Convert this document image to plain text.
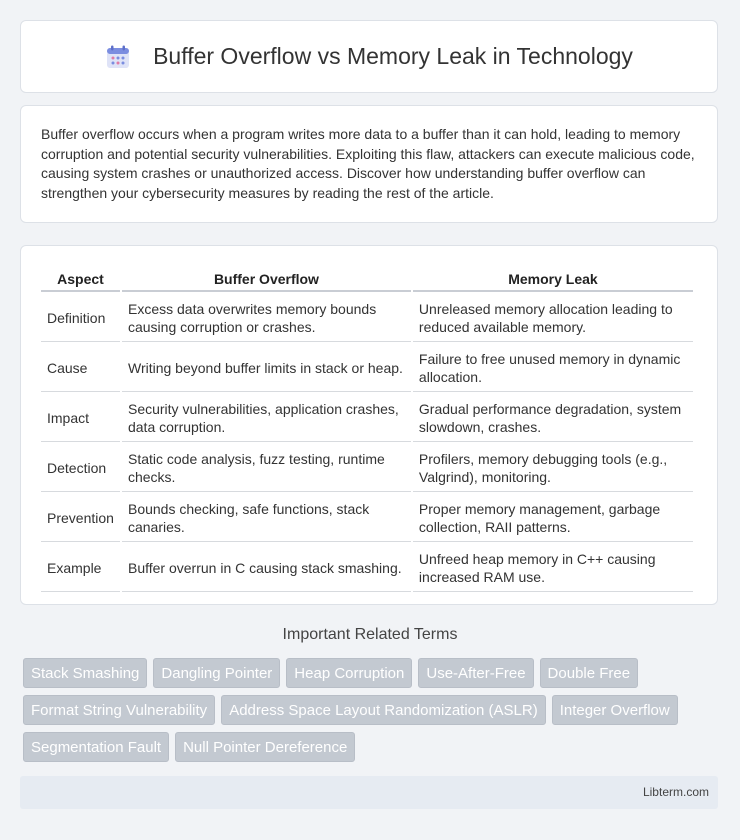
Buffer Overflow vs Memory Leak in Technology

Buffer overflow occurs when a program writes more data to a buffer than it can hold, leading to memory corruption and potential security vulnerabilities. Exploiting this flaw, attackers can execute malicious code, causing system crashes or unauthorized access. Discover how understanding buffer overflow can strengthen your cybersecurity measures by reading the rest of the article.

Aspect	Buffer Overflow	Memory Leak
Definition	Excess data overwrites memory bounds causing corruption or crashes.	Unreleased memory allocation leading to reduced available memory.
Cause	Writing beyond buffer limits in stack or heap.	Failure to free unused memory in dynamic allocation.
Impact	Security vulnerabilities, application crashes, data corruption.	Gradual performance degradation, system slowdown, crashes.
Detection	Static code analysis, fuzz testing, runtime checks.	Profilers, memory debugging tools (e.g., Valgrind), monitoring.
Prevention	Bounds checking, safe functions, stack canaries.	Proper memory management, garbage collection, RAII patterns.
Example	Buffer overrun in C causing stack smashing.	Unfreed heap memory in C++ causing increased RAM use.
Important Related Terms
Stack Smashing	Dangling Pointer	Heap Corruption	Use-After-Free	Double Free
Format String Vulnerability	Address Space Layout Randomization (ASLR)	Integer Overflow
Segmentation Fault	Null Pointer Dereference
Libterm.com
